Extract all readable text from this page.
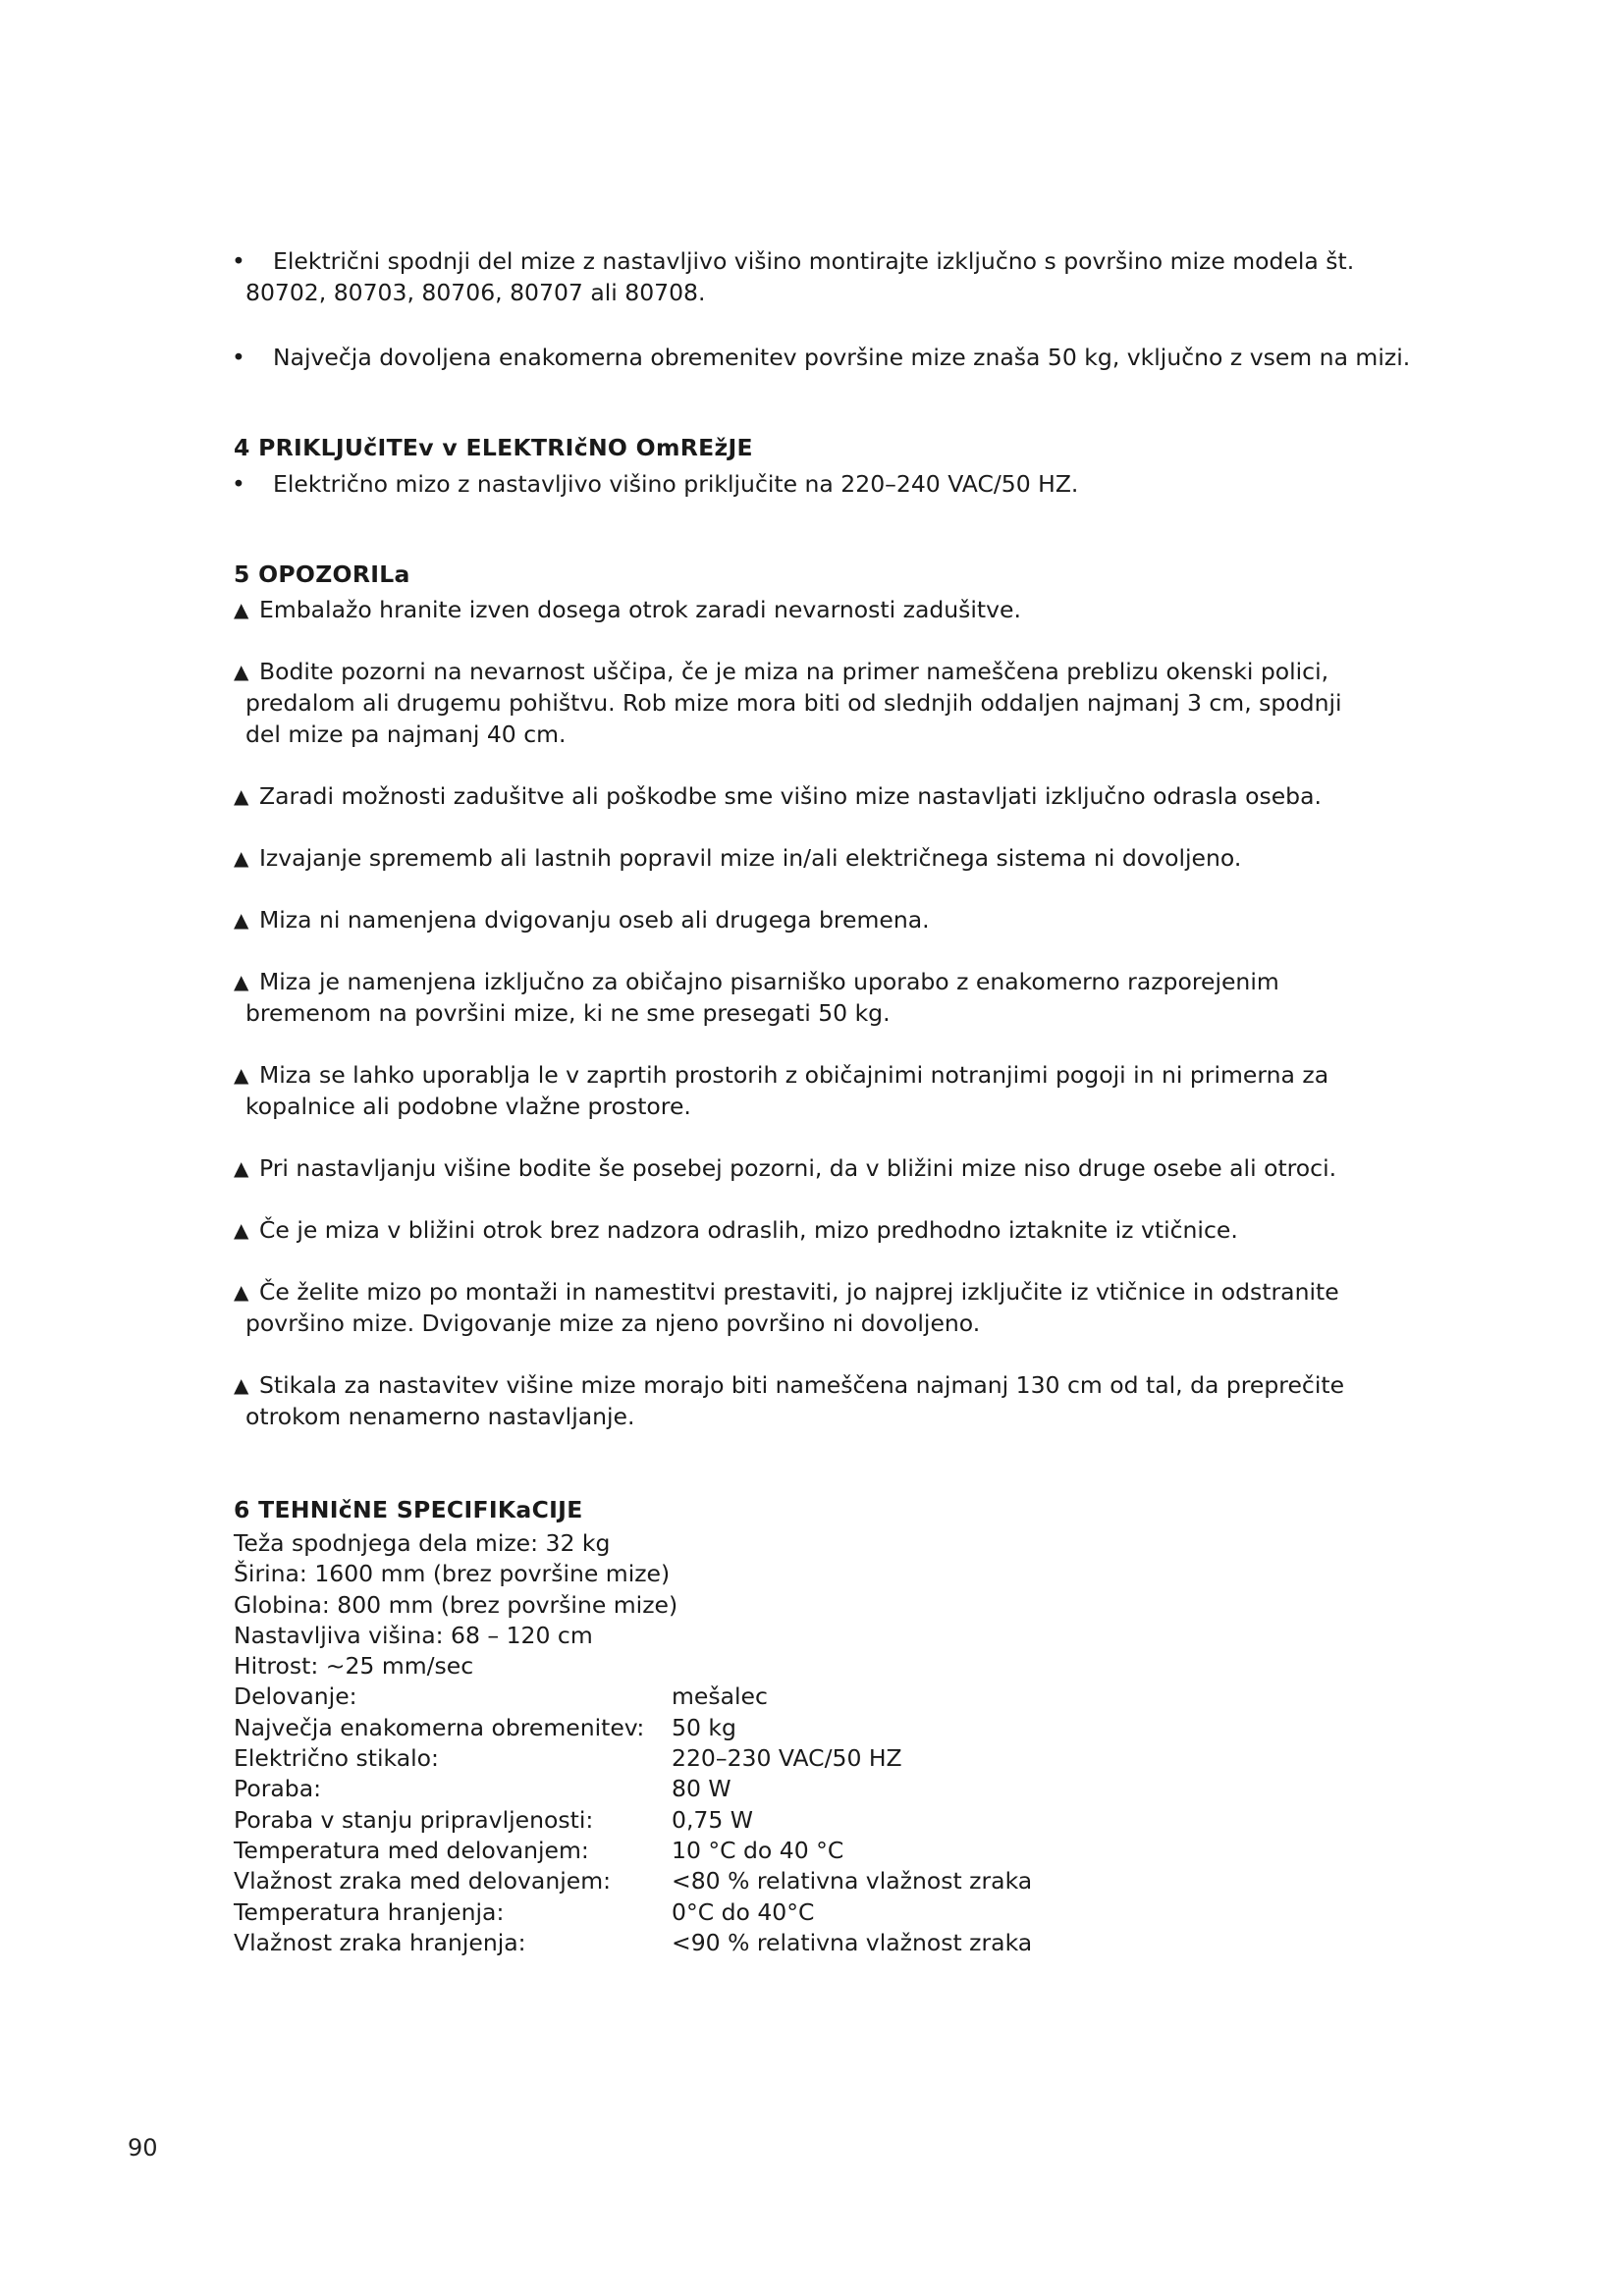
• Električni spodnji del mize z nastavljivo višino montirajte izključno s površino mize modela št.
80702, 80703, 80706, 80707 ali 80708.
• Največja dovoljena enakomerna obremenitev površine mize znaša 50 kg, vključno z vsem na mizi.
4 PRIKLJUčITEv v ELEKTRIčNO OmREžJE
• Električno mizo z nastavljivo višino priključite na 220–240 VAC/50 HZ.
5 OPOZORILa
▲ Embalažo hranite izven dosega otrok zaradi nevarnosti zadušitve.
▲ Bodite pozorni na nevarnost uščipa, če je miza na primer nameščena preblizu okenski polici,
predalom ali drugemu pohištvu. Rob mize mora biti od slednjih oddaljen najmanj 3 cm, spodnji
del mize pa najmanj 40 cm.
▲ Zaradi možnosti zadušitve ali poškodbe sme višino mize nastavljati izključno odrasla oseba.
▲ Izvajanje sprememb ali lastnih popravil mize in/ali električnega sistema ni dovoljeno.
▲ Miza ni namenjena dvigovanju oseb ali drugega bremena.
▲ Miza je namenjena izključno za običajno pisarniško uporabo z enakomerno razporejenim
bremenom na površini mize, ki ne sme presegati 50 kg.
▲ Miza se lahko uporablja le v zaprtih prostorih z običajnimi notranjimi pogoji in ni primerna za
kopalnice ali podobne vlažne prostore.
▲ Pri nastavljanju višine bodite še posebej pozorni, da v bližini mize niso druge osebe ali otroci.
▲ Če je miza v bližini otrok brez nadzora odraslih, mizo predhodno iztaknite iz vtičnice.
▲ Če želite mizo po montaži in namestitvi prestaviti, jo najprej izključite iz vtičnice in odstranite
površino mize. Dvigovanje mize za njeno površino ni dovoljeno.
▲ Stikala za nastavitev višine mize morajo biti nameščena najmanj 130 cm od tal, da preprečite
otrokom nenamerno nastavljanje.
6 TEHNIčNE SPECIFIKaCIJE
Teža spodnjega dela mize: 32 kg
Širina: 1600 mm (brez površine mize)
Globina: 800 mm (brez površine mize)
Nastavljiva višina: 68 – 120 cm
Hitrost: ~25 mm/sec
Delovanje:	mešalec
Največja enakomerna obremenitev: 50 kg
Električno stikalo:	220–230 VAC/50 HZ
Poraba:	80 W
Poraba v stanju pripravljenosti:	0,75 W
Temperatura med delovanjem:	10 °C do 40 °C
Vlažnost zraka med delovanjem:	<80 % relativna vlažnost zraka
Temperatura hranjenja:	0°C do 40°C
Vlažnost zraka hranjenja:	<90 % relativna vlažnost zraka
90
